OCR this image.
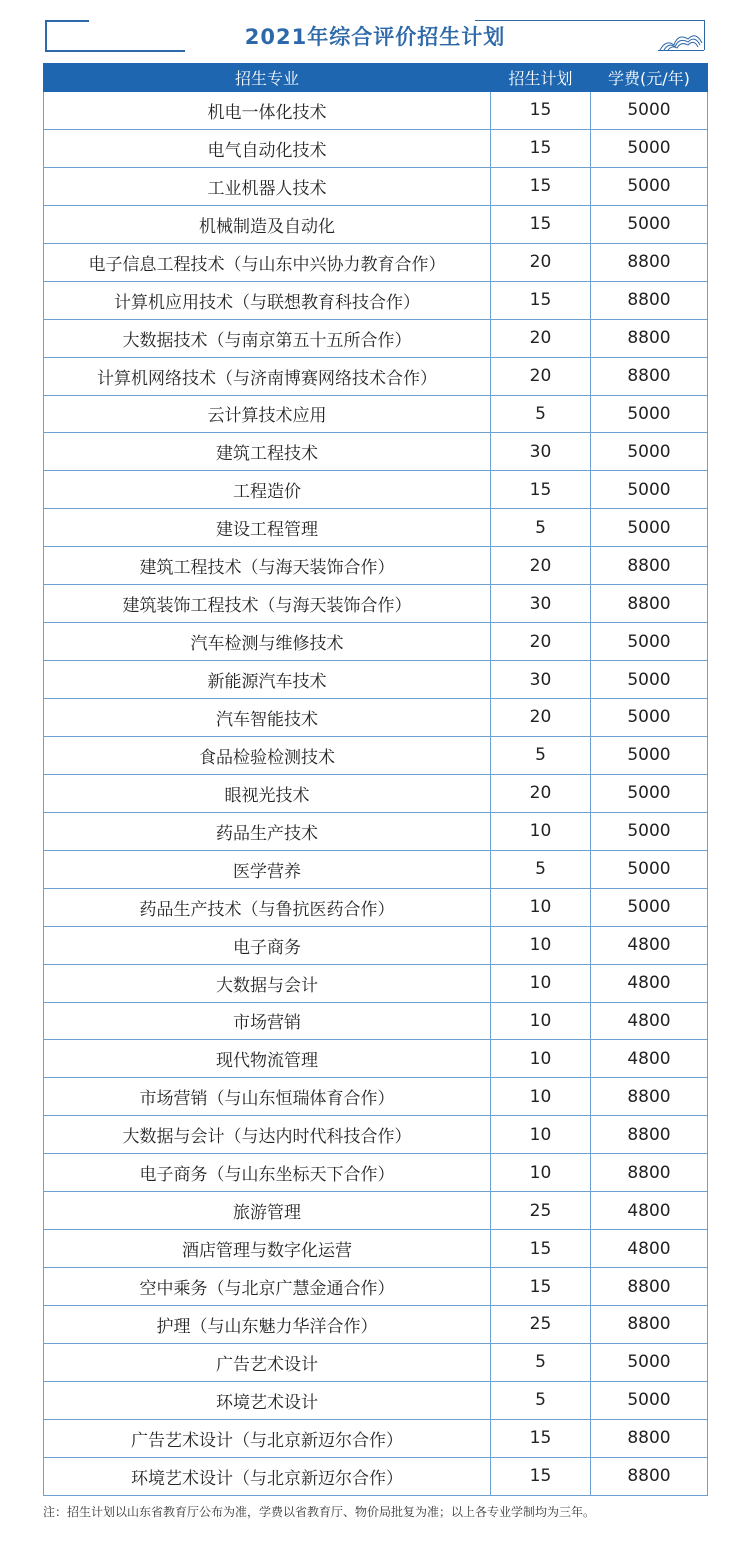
2021年综合评价招生计划
招生专业	招生计划	学费(元/年)
机电一体化技术	15	5000
电气自动化技术	15	5000
工业机器人技术	15	5000
机械制造及自动化	15	5000
电子信息工程技术（与山东中兴协力教育合作）	20	8800
计算机应用技术（与联想教育科技合作）	15	8800
大数据技术（与南京第五十五所合作）	20	8800
计算机网络技术（与济南博赛网络技术合作）	20	8800
云计算技术应用	5	5000
建筑工程技术	30	5000
工程造价	15	5000
建设工程管理	5	5000
建筑工程技术（与海天装饰合作）	20	8800
建筑装饰工程技术（与海天装饰合作）	30	8800
汽车检测与维修技术	20	5000
新能源汽车技术	30	5000
汽车智能技术	20	5000
食品检验检测技术	5	5000
眼视光技术	20	5000
药品生产技术	10	5000
医学营养	5	5000
药品生产技术（与鲁抗医药合作）	10	5000
电子商务	10	4800
大数据与会计	10	4800
市场营销	10	4800
现代物流管理	10	4800
市场营销（与山东恒瑞体育合作）	10	8800
大数据与会计（与达内时代科技合作）	10	8800
电子商务（与山东坐标天下合作）	10	8800
旅游管理	25	4800
酒店管理与数字化运营	15	4800
空中乘务（与北京广慧金通合作）	15	8800
护理（与山东魅力华洋合作）	25	8800
广告艺术设计	5	5000
环境艺术设计	5	5000
广告艺术设计（与北京新迈尔合作）	15	8800
环境艺术设计（与北京新迈尔合作）	15	8800
注：招生计划以山东省教育厅公布为准，学费以省教育厅、物价局批复为准；以上各专业学制均为三年。
